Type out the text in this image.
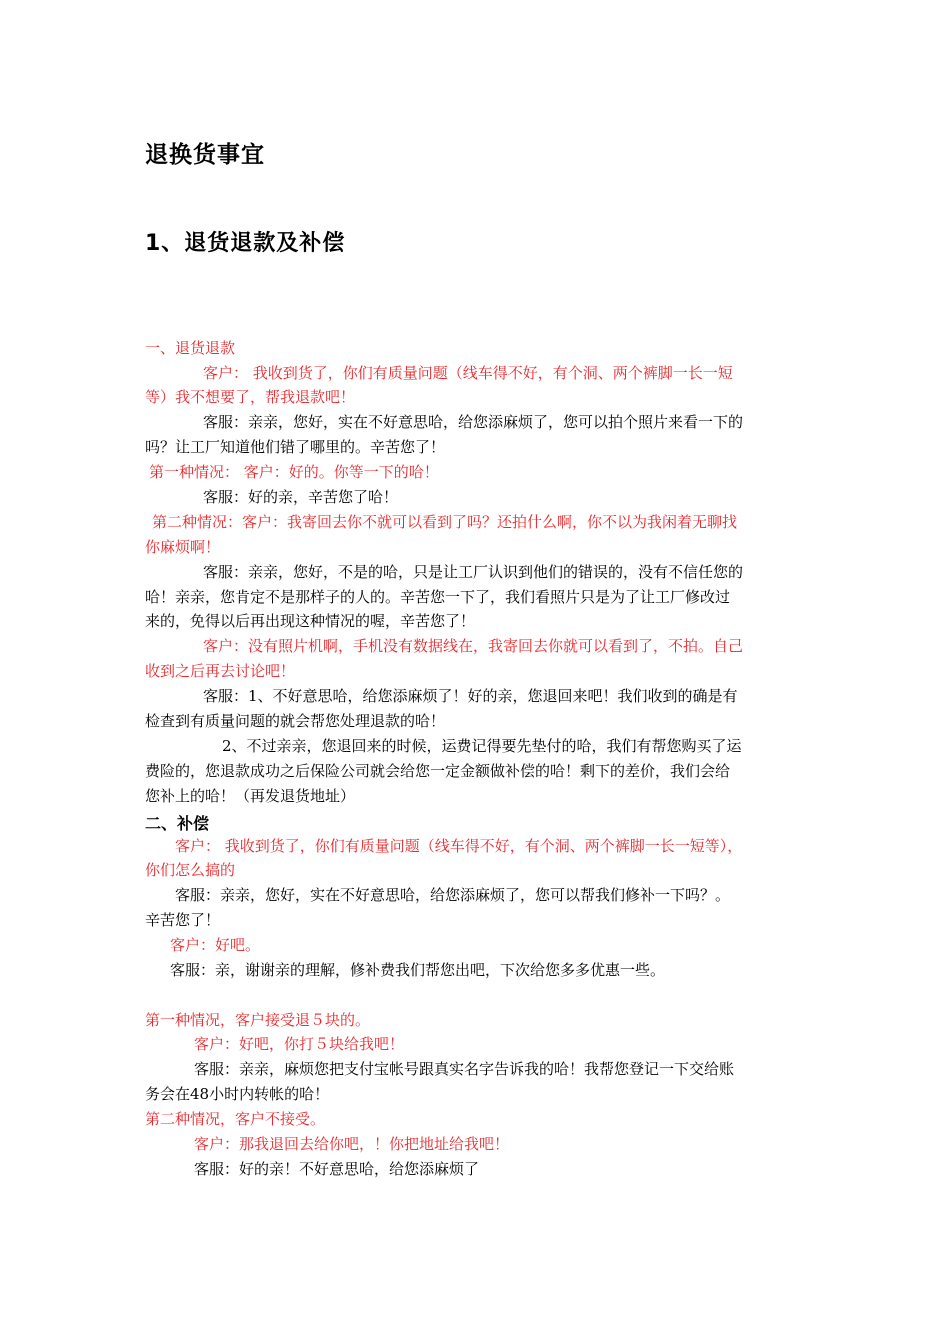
退换货事宜
1、退货退款及补偿
一、退货退款
客户： 我收到货了，你们有质量问题（线车得不好，有个洞、两个裤脚一长一短
等）我不想要了，帮我退款吧！
客服：亲亲，您好，实在不好意思哈，给您添麻烦了，您可以拍个照片来看一下的
吗？让工厂知道他们错了哪里的。辛苦您了！
第一种情况： 客户：好的。你等一下的哈！
客服：好的亲，辛苦您了哈！
第二种情况：客户：我寄回去你不就可以看到了吗？还拍什么啊，你不以为我闲着无聊找
你麻烦啊！
客服：亲亲，您好，不是的哈，只是让工厂认识到他们的错误的，没有不信任您的
哈！亲亲，您肯定不是那样子的人的。辛苦您一下了，我们看照片只是为了让工厂修改过
来的，免得以后再出现这种情况的喔，辛苦您了！
客户：没有照片机啊，手机没有数据线在，我寄回去你就可以看到了，不拍。自己
收到之后再去讨论吧！
客服：1、不好意思哈，给您添麻烦了！好的亲，您退回来吧！我们收到的确是有
检查到有质量问题的就会帮您处理退款的哈！
2、不过亲亲，您退回来的时候，运费记得要先垫付的哈，我们有帮您购买了运
费险的，您退款成功之后保险公司就会给您一定金额做补偿的哈！剩下的差价，我们会给
您补上的哈！（再发退货地址）
二、补偿
客户： 我收到货了，你们有质量问题（线车得不好，有个洞、两个裤脚一长一短等），
你们怎么搞的
客服：亲亲，您好，实在不好意思哈，给您添麻烦了，您可以帮我们修补一下吗？。
辛苦您了！
客户：好吧。
客服：亲，谢谢亲的理解，修补费我们帮您出吧，下次给您多多优惠一些。
第一种情况，客户接受退５块的。
客户：好吧，你打５块给我吧！
客服：亲亲，麻烦您把支付宝帐号跟真实名字告诉我的哈！我帮您登记一下交给账
务会在48小时内转帐的哈！
第二种情况，客户不接受。
客户：那我退回去给你吧，！你把地址给我吧！
客服：好的亲！不好意思哈，给您添麻烦了
